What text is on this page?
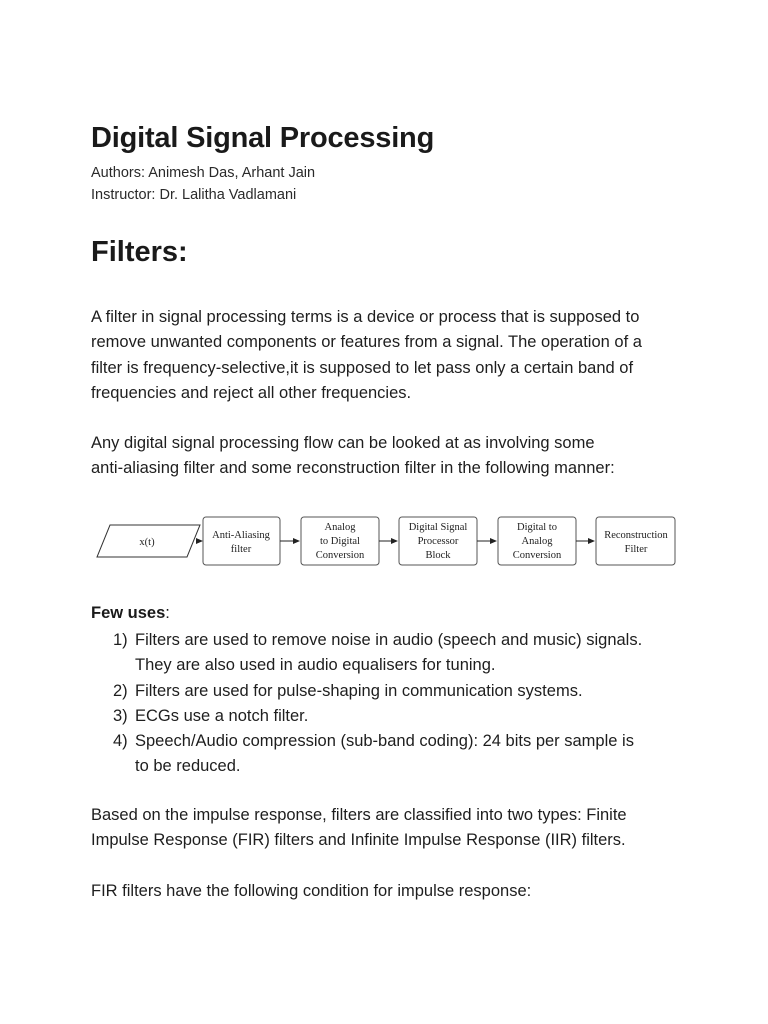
Digital Signal Processing

Authors: Animesh Das, Arhant Jain

Instructor: Dr. Lalitha Vadlamani

Filters:

A filter in signal processing terms is a device or process that is supposed to
remove unwanted components or features from a signal. The operation of a
filter is frequency-selective,it is supposed to let pass only a certain band of
frequencies and reject all other frequencies.

Any digital signal processing flow can be looked at as involving some
anti-aliasing filter and some reconstruction filter in the following manner:

x(t)
Anti-Aliasing
filter
Analog
to Digital
Conversion
Digital Signal
Processor
Block
Digital to
Analog
Conversion
Reconstruction
Filter

Few uses:

1) Filters are used to remove noise in audio (speech and music) signals.
They are also used in audio equalisers for tuning.
2) Filters are used for pulse-shaping in communication systems.
3) ECGs use a notch filter.
4) Speech/Audio compression (sub-band coding): 24 bits per sample is
to be reduced.

Based on the impulse response, filters are classified into two types: Finite
Impulse Response (FIR) filters and Infinite Impulse Response (IIR) filters.

FIR filters have the following condition for impulse response:
